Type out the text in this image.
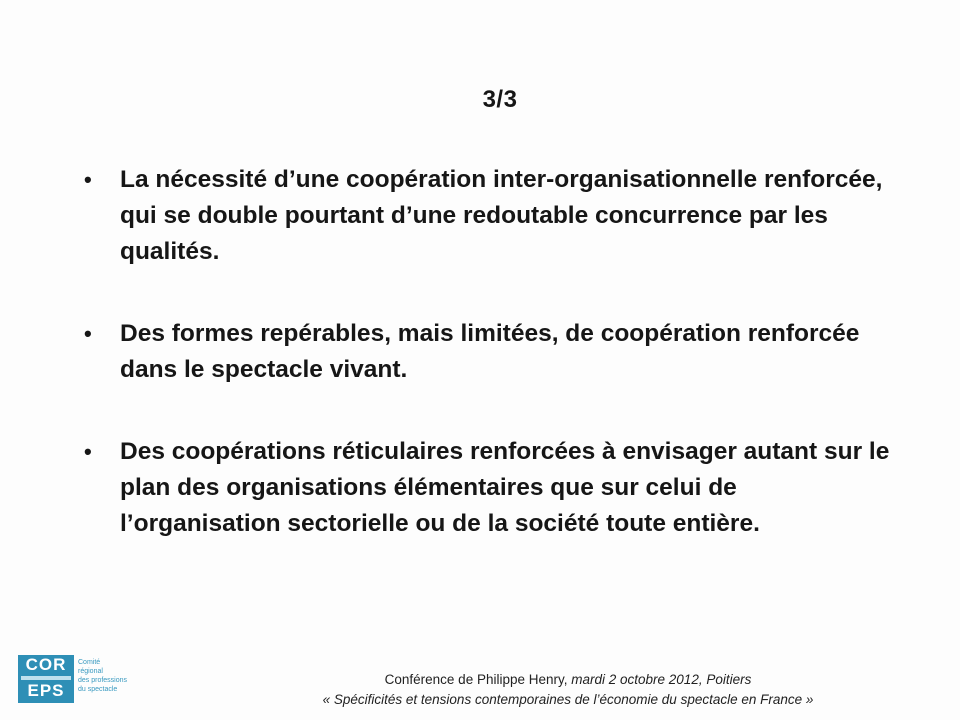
3/3
• La nécessité d’une coopération inter-organisationnelle renforcée, qui se double pourtant d’une redoutable concurrence par les qualités.
• Des formes repérables, mais limitées, de coopération renforcée dans le spectacle vivant.
• Des coopérations réticulaires renforcées à envisager autant sur le plan des organisations élémentaires que sur celui de l’organisation sectorielle ou de la société toute entière.
COR
EPS
Comité
régional
des professions
du spectacle
Conférence de Philippe Henry, mardi 2 octobre 2012, Poitiers
« Spécificités et tensions contemporaines de l’économie du spectacle en France »
